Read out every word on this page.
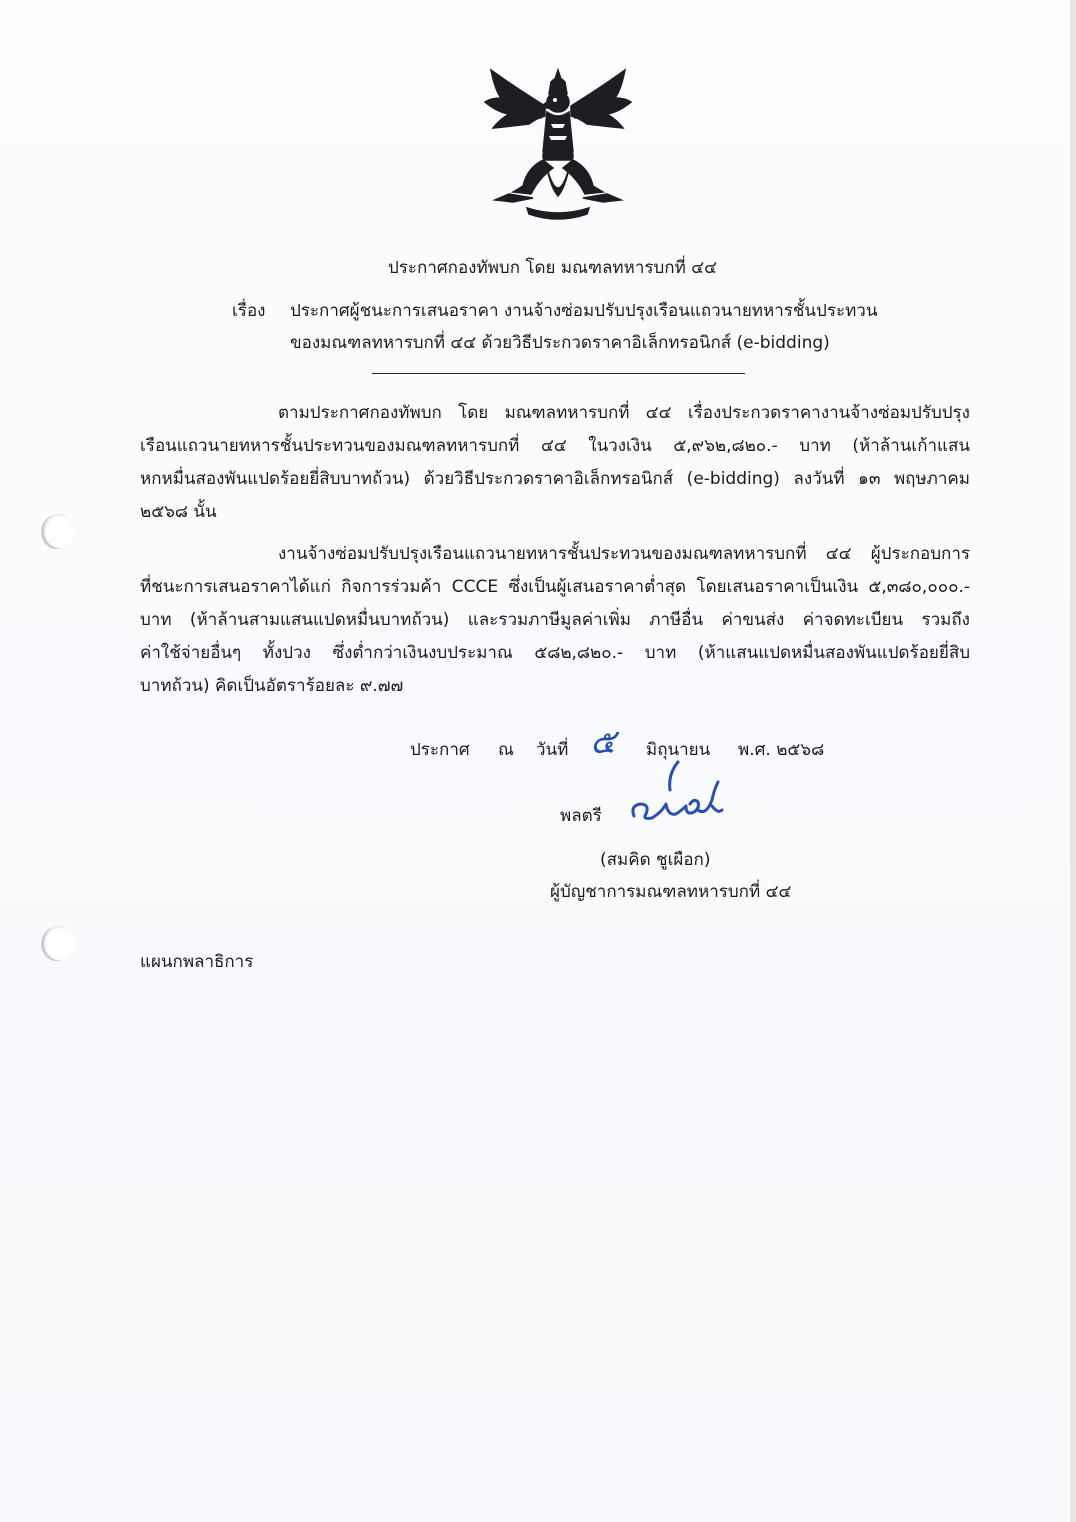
ประกาศกองทัพบก โดย มณฑลทหารบกที่ ๔๔
เรื่อง ประกาศผู้ชนะการเสนอราคา งานจ้างซ่อมปรับปรุงเรือนแถวนายทหารชั้นประทวน
ของมณฑลทหารบกที่ ๔๔ ด้วยวิธีประกวดราคาอิเล็กทรอนิกส์ (e-bidding)
ตามประกาศกองทัพบก โดย มณฑลทหารบกที่ ๔๔ เรื่องประกวดราคางานจ้างซ่อมปรับปรุง
เรือนแถวนายทหารชั้นประทวนของมณฑลทหารบกที่ ๔๔ ในวงเงิน ๕,๙๖๒,๘๒๐.- บาท (ห้าล้านเก้าแสน
หกหมื่นสองพันแปดร้อยยี่สิบบาทถ้วน) ด้วยวิธีประกวดราคาอิเล็กทรอนิกส์ (e-bidding) ลงวันที่ ๑๓ พฤษภาคม
๒๕๖๘ นั้น
งานจ้างซ่อมปรับปรุงเรือนแถวนายทหารชั้นประทวนของมณฑลทหารบกที่ ๔๔ ผู้ประกอบการ
ที่ชนะการเสนอราคาได้แก่ กิจการร่วมค้า CCCE ซึ่งเป็นผู้เสนอราคาต่ำสุด โดยเสนอราคาเป็นเงิน ๕,๓๘๐,๐๐๐.-
บาท (ห้าล้านสามแสนแปดหมื่นบาทถ้วน) และรวมภาษีมูลค่าเพิ่ม ภาษีอื่น ค่าขนส่ง ค่าจดทะเบียน รวมถึง
ค่าใช้จ่ายอื่นๆ ทั้งปวง ซึ่งต่ำกว่าเงินงบประมาณ ๕๘๒,๘๒๐.- บาท (ห้าแสนแปดหมื่นสองพันแปดร้อยยี่สิบ
บาทถ้วน) คิดเป็นอัตราร้อยละ ๙.๗๗
ประกาศ ณ วันที่ ๕ มิถุนายน พ.ศ. ๒๕๖๘
พลตรี
(สมคิด ชูเผือก)
ผู้บัญชาการมณฑลทหารบกที่ ๔๔
แผนกพลาธิการ
